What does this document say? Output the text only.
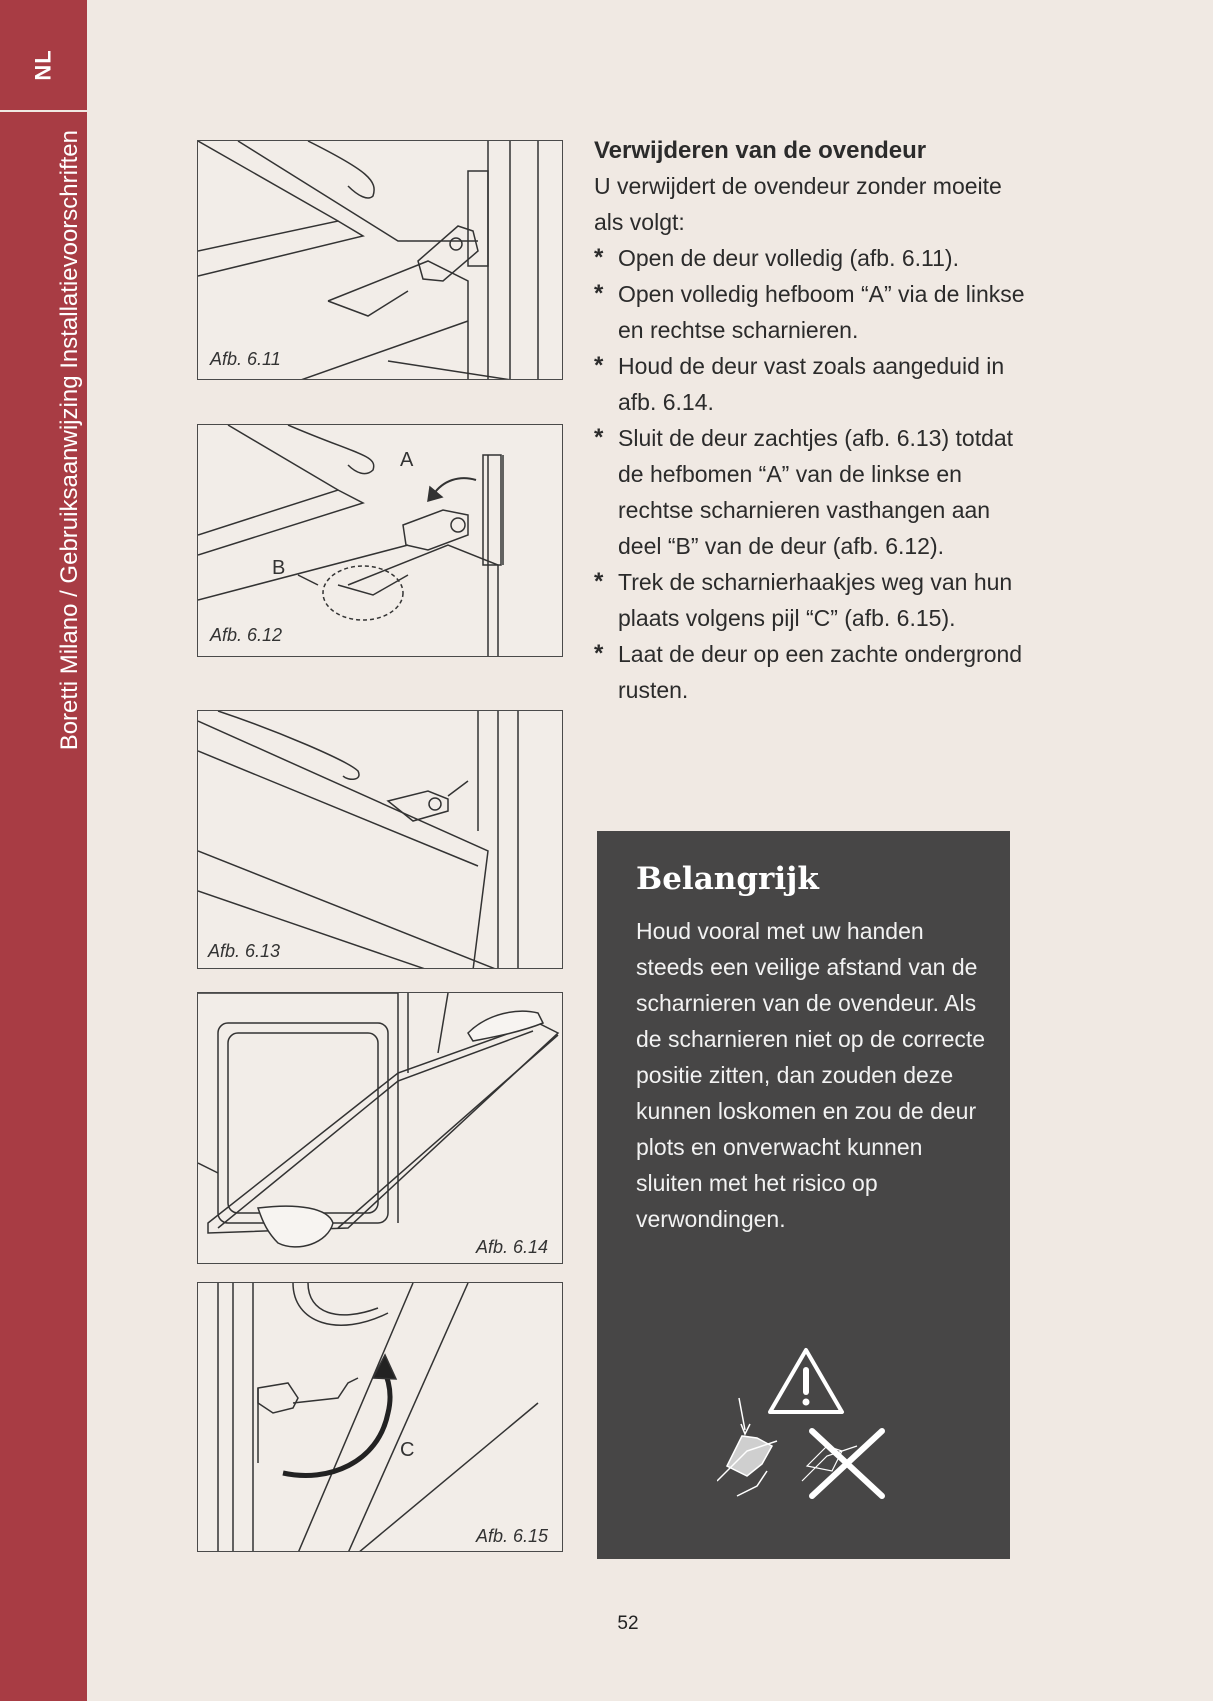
NL
Boretti Milano / Gebruiksaanwijzing Installatievoorschriften	Afb. 6.11
A
B
Afb. 6.12
Afb. 6.13
Afb. 6.14
C
Afb. 6.15
Verwijderen van de ovendeur

U verwijdert de ovendeur zonder moeite als volgt:

* Open de deur volledig (afb. 6.11).
* Open volledig hefboom “A” via de linkse en rechtse scharnieren.
* Houd de deur vast zoals aangeduid in afb. 6.14.
* Sluit de deur zachtjes (afb. 6.13) totdat de hefbomen “A” van de linkse en rechtse scharnieren vasthangen aan deel “B” van de deur (afb. 6.12).
* Trek de scharnierhaakjes weg van hun plaats volgens pijl “C” (afb. 6.15).
* Laat de deur op een zachte ondergrond rusten.
Belangrijk
Houd vooral met uw handen steeds een veilige afstand van de scharnieren van de ovendeur. Als de scharnieren niet op de correcte positie zitten, dan zouden deze kunnen loskomen en zou de deur plots en onverwacht kunnen sluiten met het risico op verwondingen.
52
